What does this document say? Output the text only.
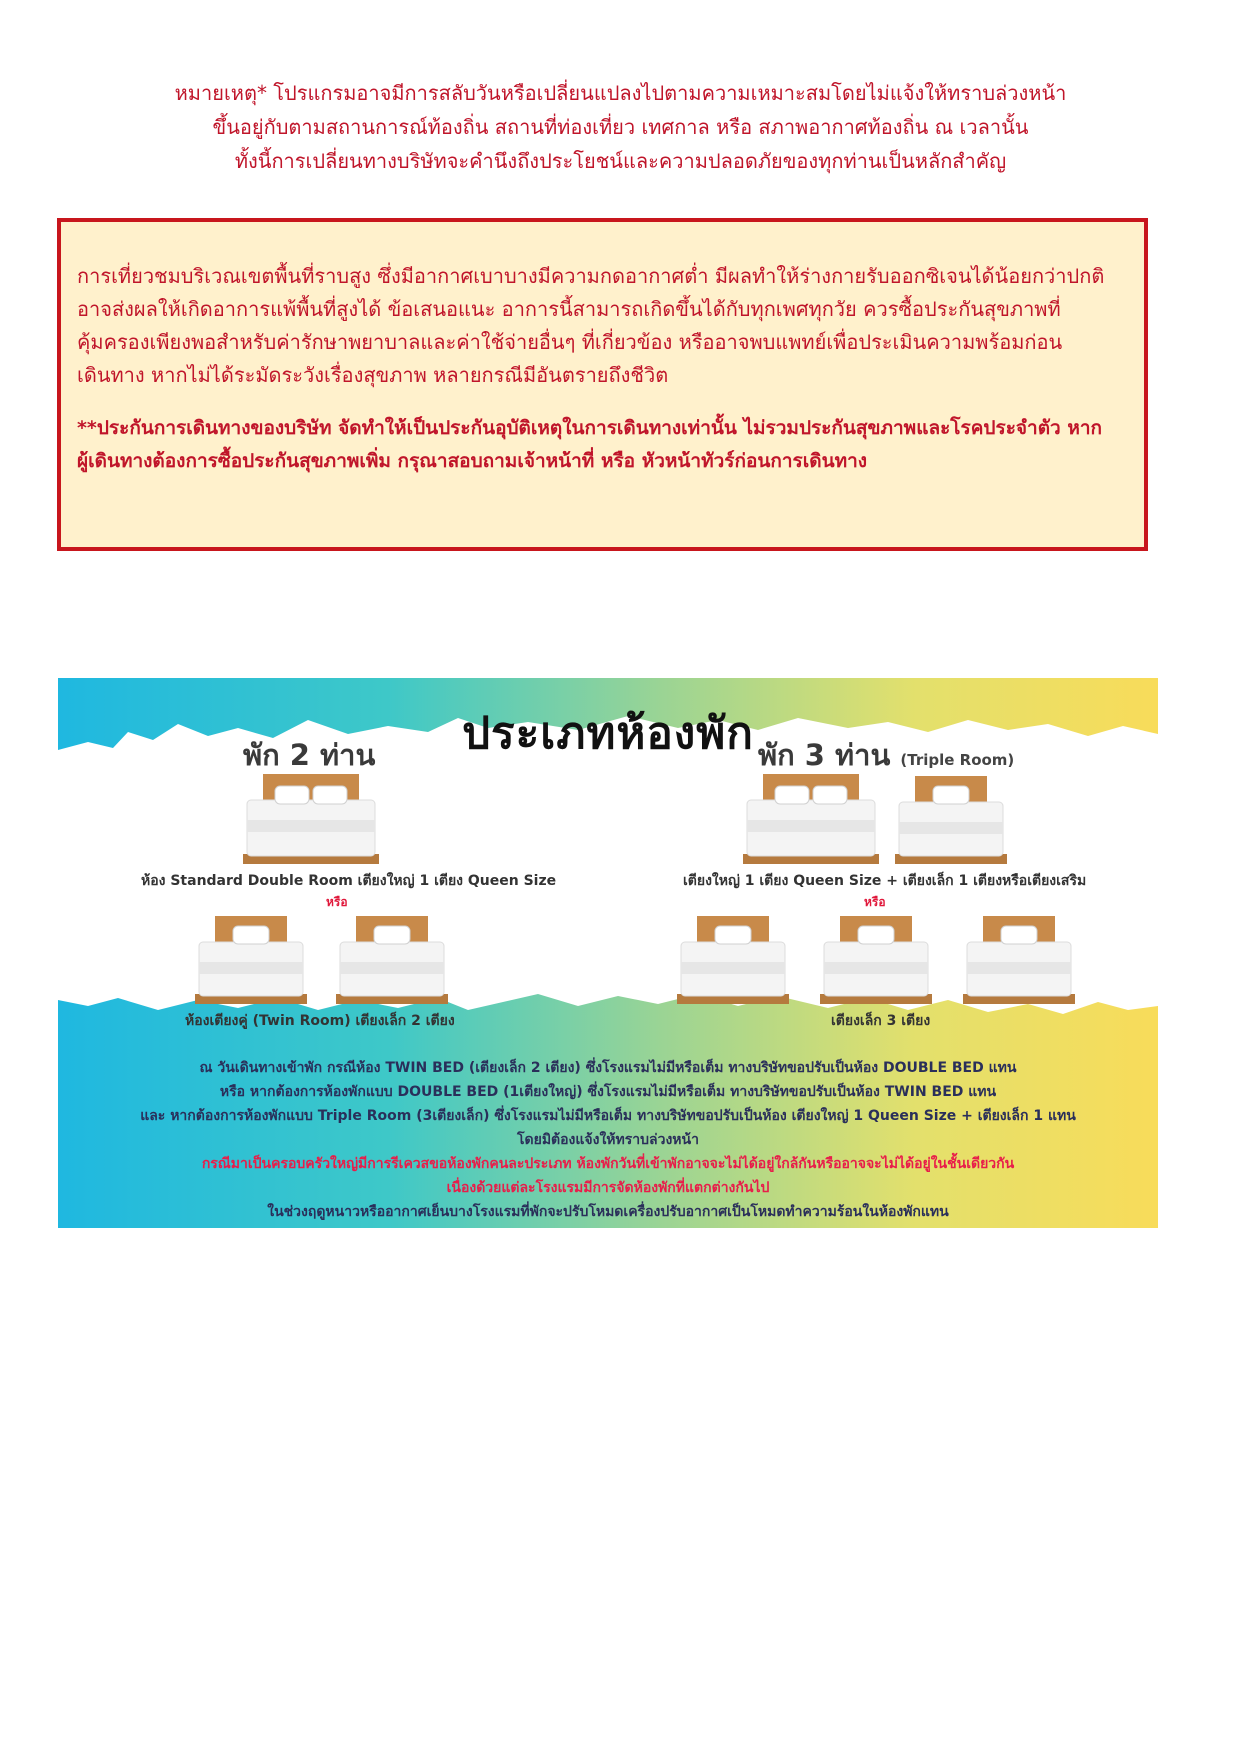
หมายเหตุ* โปรแกรมอาจมีการสลับวันหรือเปลี่ยนแปลงไปตามความเหมาะสมโดยไม่แจ้งให้ทราบล่วงหน้า
ขึ้นอยู่กับตามสถานการณ์ท้องถิ่น สถานที่ท่องเที่ยว เทศกาล หรือ สภาพอากาศท้องถิ่น ณ เวลานั้น
ทั้งนี้การเปลี่ยนทางบริษัทจะคำนึงถึงประโยชน์และความปลอดภัยของทุกท่านเป็นหลักสำคัญ
การเที่ยวชมบริเวณเขตพื้นที่ราบสูง ซึ่งมีอากาศเบาบางมีความกดอากาศต่ำ มีผลทำให้ร่างกายรับออกซิเจนได้น้อยกว่าปกติ
อาจส่งผลให้เกิดอาการแพ้พื้นที่สูงได้ ข้อเสนอแนะ อาการนี้สามารถเกิดขึ้นได้กับทุกเพศทุกวัย ควรซื้อประกันสุขภาพที่
คุ้มครองเพียงพอสำหรับค่ารักษาพยาบาลและค่าใช้จ่ายอื่นๆ ที่เกี่ยวข้อง หรืออาจพบแพทย์เพื่อประเมินความพร้อมก่อน
เดินทาง หากไม่ได้ระมัดระวังเรื่องสุขภาพ หลายกรณีมีอันตรายถึงชีวิต
**ประกันการเดินทางของบริษัท จัดทำให้เป็นประกันอุบัติเหตุในการเดินทางเท่านั้น ไม่รวมประกันสุขภาพและโรคประจำตัว หาก
ผู้เดินทางต้องการซื้อประกันสุขภาพเพิ่ม กรุณาสอบถามเจ้าหน้าที่ หรือ หัวหน้าทัวร์ก่อนการเดินทาง
ประเภทห้องพัก
พัก 2 ท่าน
ห้อง Standard Double Room เตียงใหญ่ 1 เตียง Queen Size
หรือ
ห้องเตียงคู่ (Twin Room) เตียงเล็ก 2 เตียง
พัก 3 ท่าน (Triple Room)
เตียงใหญ่ 1 เตียง Queen Size + เตียงเล็ก 1 เตียงหรือเตียงเสริม
หรือ
เตียงเล็ก 3 เตียง
ณ วันเดินทางเข้าพัก กรณีห้อง TWIN BED (เตียงเล็ก 2 เตียง) ซึ่งโรงแรมไม่มีหรือเต็ม ทางบริษัทขอปรับเป็นห้อง DOUBLE BED แทน
หรือ หากต้องการห้องพักแบบ DOUBLE BED (1เตียงใหญ่) ซึ่งโรงแรมไม่มีหรือเต็ม ทางบริษัทขอปรับเป็นห้อง TWIN BED แทน
และ หากต้องการห้องพักแบบ Triple Room (3เตียงเล็ก) ซึ่งโรงแรมไม่มีหรือเต็ม ทางบริษัทขอปรับเป็นห้อง เตียงใหญ่ 1 Queen Size + เตียงเล็ก 1 แทน
โดยมิต้องแจ้งให้ทราบล่วงหน้า
กรณีมาเป็นครอบครัวใหญ่มีการรีเควสขอห้องพักคนละประเภท ห้องพักวันที่เข้าพักอาจจะไม่ได้อยู่ใกล้กันหรืออาจจะไม่ได้อยู่ในชั้นเดียวกัน
เนื่องด้วยแต่ละโรงแรมมีการจัดห้องพักที่แตกต่างกันไป
ในช่วงฤดูหนาวหรืออากาศเย็นบางโรงแรมที่พักจะปรับโหมดเครื่องปรับอากาศเป็นโหมดทำความร้อนในห้องพักแทน
